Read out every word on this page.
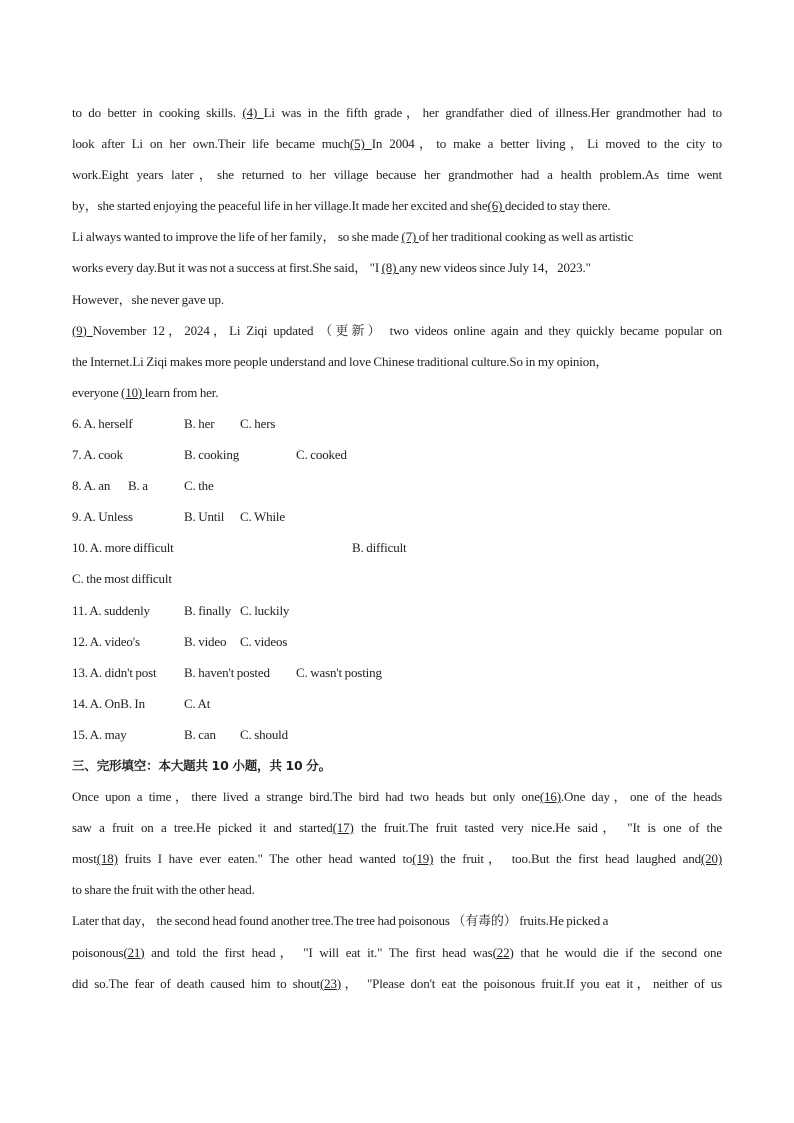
to do better in cooking skills. (4) Li was in the fifth grade，her grandfather died of illness.Her grandmother had to
look after Li on her own.Their life became much(5) In 2004，to make a better living，Li moved to the city to
work.Eight years later，she returned to her village because her grandmother had a health problem.As time went
by，she started enjoying the peaceful life in her village.It made her excited and she(6) decided to stay there.
Li always wanted to improve the life of her family， so she made (7) of her traditional cooking as well as artistic
works every day.But it was not a success at first.She said， "I (8) any new videos since July 14，2023."
However，she never gave up.
(9) November 12，2024，Li Ziqi updated （更新） two videos online again and they quickly became popular on
the Internet.Li Ziqi makes more people understand and love Chinese traditional culture.So in my opinion，
everyone (10) learn from her.
6. A. herself	B. her C. hers
7. A. cook	B. cooking	C. cooked
8. A. an B. a	C. the
9. A. Unless	B. Until C. While
10. A. more difficult	B. difficult
C. the most difficult
11. A. suddenly	B. finally C. luckily
12. A. video's	B. video C. videos
13. A. didn't post B. haven't posted C. wasn't posting
14. A. OnB. In	C. At
15. A. may	B. can C. should
三、完形填空：本大题共 10 小题，共 10 分。
Once upon a time，there lived a strange bird.The bird had two heads but only one(16).One day，one of the heads
saw a fruit on a tree.He picked it and started(17) the fruit.The fruit tasted very nice.He said， "It is one of the
most(18) fruits I have ever eaten." The other head wanted to(19) the fruit， too.But the first head laughed and(20)
to share the fruit with the other head.
Later that day， the second head found another tree.The tree had poisonous （有毒的） fruits.He picked a
poisonous(21) and told the first head， "I will eat it." The first head was(22) that he would die if the second one
did so.The fear of death caused him to shout(23)， "Please don't eat the poisonous fruit.If you eat it，neither of us
